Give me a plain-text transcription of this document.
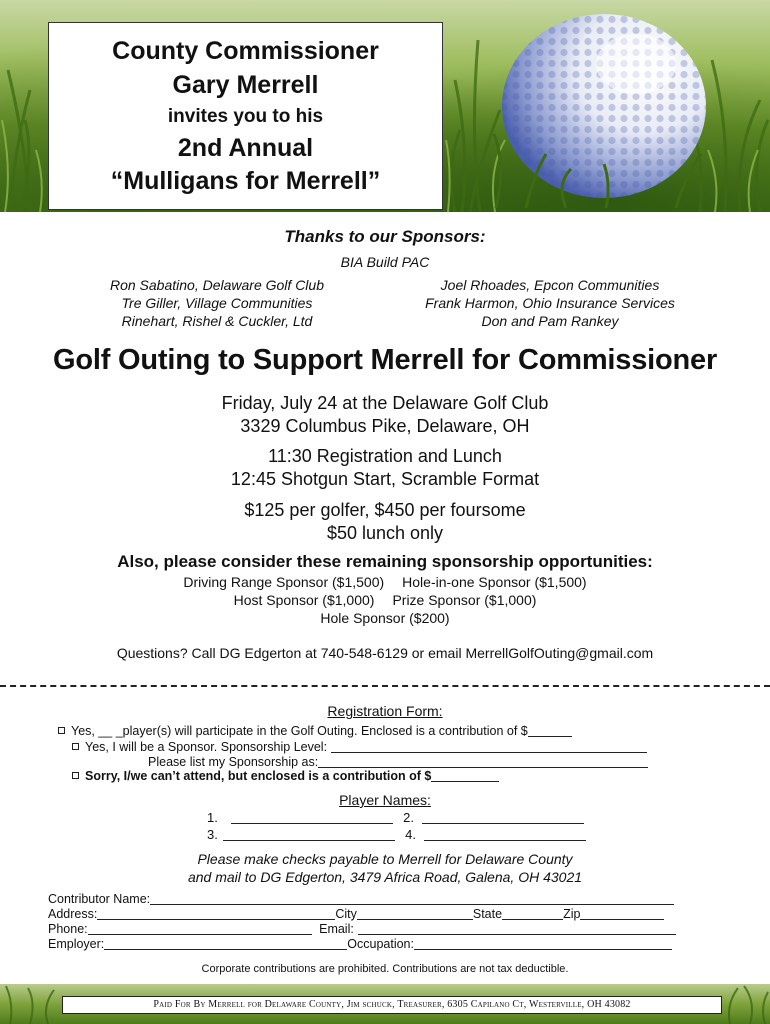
County Commissioner
Gary Merrell
invites you to his
2nd Annual
“Mulligans for Merrell”
Thanks to our Sponsors:
BIA Build PAC
Ron Sabatino, Delaware Golf Club
Tre Giller, Village Communities
Rinehart, Rishel & Cuckler, Ltd
Joel Rhoades, Epcon Communities
Frank Harmon, Ohio Insurance Services
Don and Pam Rankey
Golf Outing to Support Merrell for Commissioner
Friday, July 24 at the Delaware Golf Club
3329 Columbus Pike, Delaware, OH
11:30 Registration and Lunch
12:45 Shotgun Start, Scramble Format
$125 per golfer, $450 per foursome
$50 lunch only
Also, please consider these remaining sponsorship opportunities:
Driving Range Sponsor ($1,500) Hole-in-one Sponsor ($1,500)
Host Sponsor ($1,000) Prize Sponsor ($1,000)
Hole Sponsor ($200)
Questions? Call DG Edgerton at 740-548-6129 or email MerrellGolfOuting@gmail.com
Registration Form:
Yes, __ _player(s) will participate in the Golf Outing. Enclosed is a contribution of $
Yes, I will be a Sponsor. Sponsorship Level:
Please list my Sponsorship as:
Sorry, I/we can’t attend, but enclosed is a contribution of $
Player Names:
1.	2.
3.	4.
Please make checks payable to Merrell for Delaware County
and mail to DG Edgerton, 3479 Africa Road, Galena, OH 43021
Contributor Name:
Address:	City	State	Zip
Phone:	Email:
Employer:	Occupation:
Corporate contributions are prohibited. Contributions are not tax deductible.
Paid For By Merrell for Delaware County, Jim schuck, Treasurer, 6305 Capilano Ct, Westerville, OH 43082
